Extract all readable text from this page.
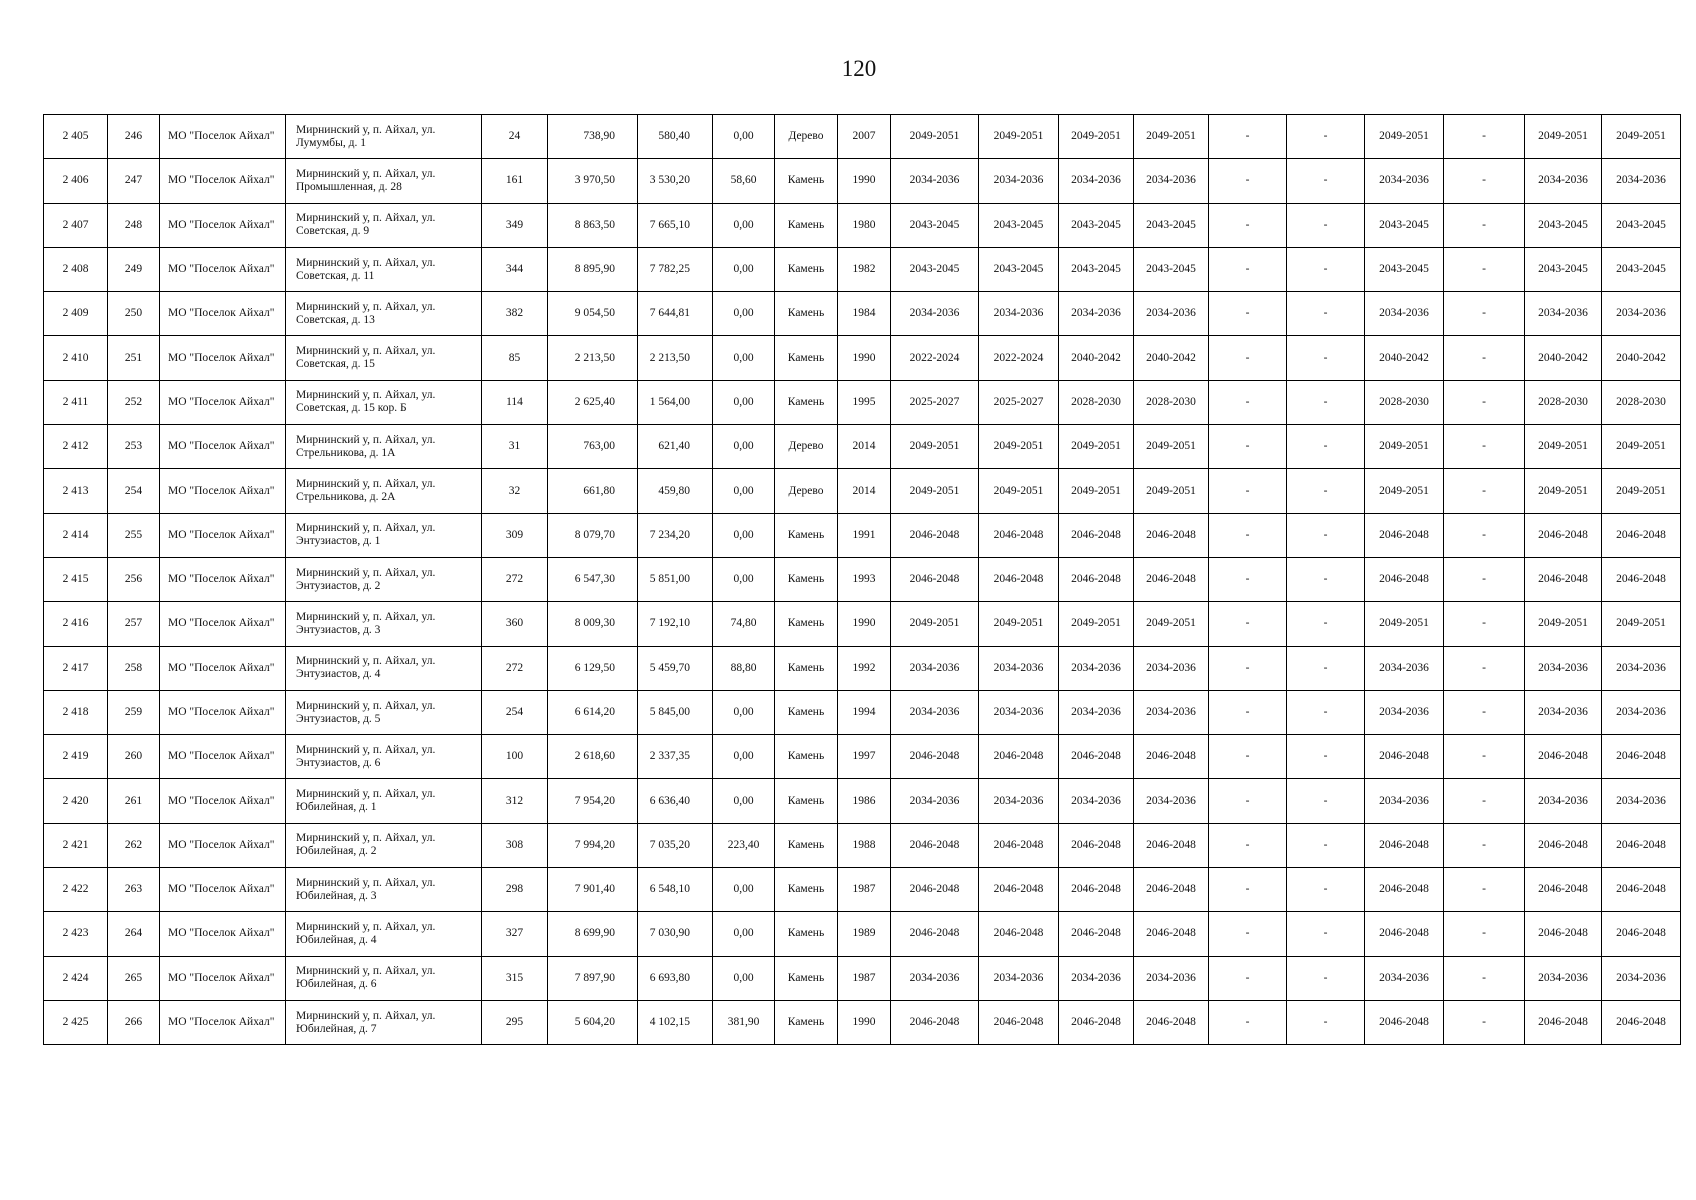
120
2 405	246	МО "Поселок Айхал"	Мирнинский у, п. Айхал, ул. Лумумбы, д. 1	24	738,90	580,40	0,00	Дерево	2007	2049-2051	2049-2051	2049-2051	2049-2051	-	-	2049-2051	-	2049-2051	2049-2051
2 406	247	МО "Поселок Айхал"	Мирнинский у, п. Айхал, ул. Промышленная, д. 28	161	3 970,50	3 530,20	58,60	Камень	1990	2034-2036	2034-2036	2034-2036	2034-2036	-	-	2034-2036	-	2034-2036	2034-2036
2 407	248	МО "Поселок Айхал"	Мирнинский у, п. Айхал, ул. Советская, д. 9	349	8 863,50	7 665,10	0,00	Камень	1980	2043-2045	2043-2045	2043-2045	2043-2045	-	-	2043-2045	-	2043-2045	2043-2045
2 408	249	МО "Поселок Айхал"	Мирнинский у, п. Айхал, ул. Советская, д. 11	344	8 895,90	7 782,25	0,00	Камень	1982	2043-2045	2043-2045	2043-2045	2043-2045	-	-	2043-2045	-	2043-2045	2043-2045
2 409	250	МО "Поселок Айхал"	Мирнинский у, п. Айхал, ул. Советская, д. 13	382	9 054,50	7 644,81	0,00	Камень	1984	2034-2036	2034-2036	2034-2036	2034-2036	-	-	2034-2036	-	2034-2036	2034-2036
2 410	251	МО "Поселок Айхал"	Мирнинский у, п. Айхал, ул. Советская, д. 15	85	2 213,50	2 213,50	0,00	Камень	1990	2022-2024	2022-2024	2040-2042	2040-2042	-	-	2040-2042	-	2040-2042	2040-2042
2 411	252	МО "Поселок Айхал"	Мирнинский у, п. Айхал, ул. Советская, д. 15 кор. Б	114	2 625,40	1 564,00	0,00	Камень	1995	2025-2027	2025-2027	2028-2030	2028-2030	-	-	2028-2030	-	2028-2030	2028-2030
2 412	253	МО "Поселок Айхал"	Мирнинский у, п. Айхал, ул. Стрельникова, д. 1А	31	763,00	621,40	0,00	Дерево	2014	2049-2051	2049-2051	2049-2051	2049-2051	-	-	2049-2051	-	2049-2051	2049-2051
2 413	254	МО "Поселок Айхал"	Мирнинский у, п. Айхал, ул. Стрельникова, д. 2А	32	661,80	459,80	0,00	Дерево	2014	2049-2051	2049-2051	2049-2051	2049-2051	-	-	2049-2051	-	2049-2051	2049-2051
2 414	255	МО "Поселок Айхал"	Мирнинский у, п. Айхал, ул. Энтузиастов, д. 1	309	8 079,70	7 234,20	0,00	Камень	1991	2046-2048	2046-2048	2046-2048	2046-2048	-	-	2046-2048	-	2046-2048	2046-2048
2 415	256	МО "Поселок Айхал"	Мирнинский у, п. Айхал, ул. Энтузиастов, д. 2	272	6 547,30	5 851,00	0,00	Камень	1993	2046-2048	2046-2048	2046-2048	2046-2048	-	-	2046-2048	-	2046-2048	2046-2048
2 416	257	МО "Поселок Айхал"	Мирнинский у, п. Айхал, ул. Энтузиастов, д. 3	360	8 009,30	7 192,10	74,80	Камень	1990	2049-2051	2049-2051	2049-2051	2049-2051	-	-	2049-2051	-	2049-2051	2049-2051
2 417	258	МО "Поселок Айхал"	Мирнинский у, п. Айхал, ул. Энтузиастов, д. 4	272	6 129,50	5 459,70	88,80	Камень	1992	2034-2036	2034-2036	2034-2036	2034-2036	-	-	2034-2036	-	2034-2036	2034-2036
2 418	259	МО "Поселок Айхал"	Мирнинский у, п. Айхал, ул. Энтузиастов, д. 5	254	6 614,20	5 845,00	0,00	Камень	1994	2034-2036	2034-2036	2034-2036	2034-2036	-	-	2034-2036	-	2034-2036	2034-2036
2 419	260	МО "Поселок Айхал"	Мирнинский у, п. Айхал, ул. Энтузиастов, д. 6	100	2 618,60	2 337,35	0,00	Камень	1997	2046-2048	2046-2048	2046-2048	2046-2048	-	-	2046-2048	-	2046-2048	2046-2048
2 420	261	МО "Поселок Айхал"	Мирнинский у, п. Айхал, ул. Юбилейная, д. 1	312	7 954,20	6 636,40	0,00	Камень	1986	2034-2036	2034-2036	2034-2036	2034-2036	-	-	2034-2036	-	2034-2036	2034-2036
2 421	262	МО "Поселок Айхал"	Мирнинский у, п. Айхал, ул. Юбилейная, д. 2	308	7 994,20	7 035,20	223,40	Камень	1988	2046-2048	2046-2048	2046-2048	2046-2048	-	-	2046-2048	-	2046-2048	2046-2048
2 422	263	МО "Поселок Айхал"	Мирнинский у, п. Айхал, ул. Юбилейная, д. 3	298	7 901,40	6 548,10	0,00	Камень	1987	2046-2048	2046-2048	2046-2048	2046-2048	-	-	2046-2048	-	2046-2048	2046-2048
2 423	264	МО "Поселок Айхал"	Мирнинский у, п. Айхал, ул. Юбилейная, д. 4	327	8 699,90	7 030,90	0,00	Камень	1989	2046-2048	2046-2048	2046-2048	2046-2048	-	-	2046-2048	-	2046-2048	2046-2048
2 424	265	МО "Поселок Айхал"	Мирнинский у, п. Айхал, ул. Юбилейная, д. 6	315	7 897,90	6 693,80	0,00	Камень	1987	2034-2036	2034-2036	2034-2036	2034-2036	-	-	2034-2036	-	2034-2036	2034-2036
2 425	266	МО "Поселок Айхал"	Мирнинский у, п. Айхал, ул. Юбилейная, д. 7	295	5 604,20	4 102,15	381,90	Камень	1990	2046-2048	2046-2048	2046-2048	2046-2048	-	-	2046-2048	-	2046-2048	2046-2048
